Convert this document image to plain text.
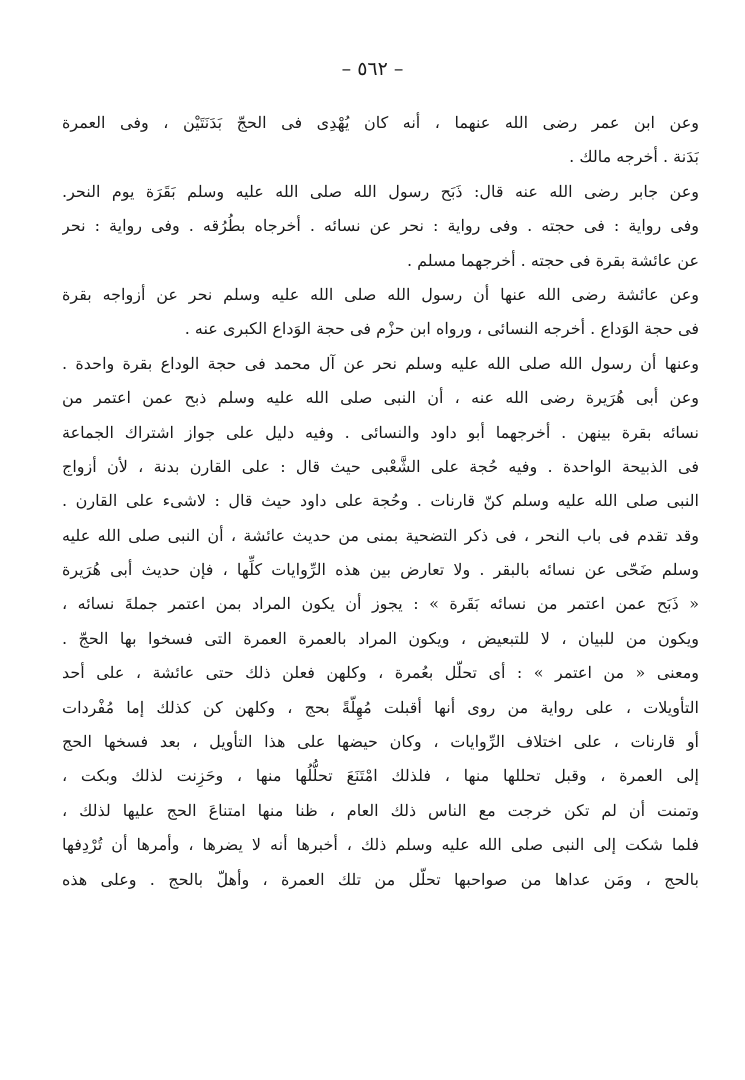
– ٥٦٢ –
وعن ابن عمر رضى الله عنهما ، أنه كان يُهْدِى فى الحجّ بَدَنَتَيْن ، وفى العمرة
بَدَنة . أخرجه مالك .
وعن جابر رضى الله عنه قال: ذَبَح رسول الله صلى الله عليه وسلم بَقَرَة يوم النحر.
وفى رواية : فى حجته . وفى رواية : نحر عن نسائه . أخرجاه بطُرُقه . وفى رواية : نحر
عن عائشة بقرة فى حجته . أخرجهما مسلم .
وعن عائشة رضى الله عنها أن رسول الله صلى الله عليه وسلم نحر عن أزواجه بقرة
فى حجة الوَداع . أخرجه النسائى ، ورواه ابن حزْم فى حجة الوَداع الكبرى عنه .
وعنها أن رسول الله صلى الله عليه وسلم نحر عن آل محمد فى حجة الوداع بقرة واحدة .
وعن أبى هُرَيرة رضى الله عنه ، أن النبى صلى الله عليه وسلم ذبح عمن اعتمر من
نسائه بقرة بينهن . أخرجهما أبو داود والنسائى . وفيه دليل على جواز اشتراك الجماعة
فى الذبيحة الواحدة . وفيه حُجة على الشَّعْبى حيث قال : على القارن بدنة ، لأن أزواج
النبى صلى الله عليه وسلم كنّ قارنات . وحُجة على داود حيث قال : لاشىء على القارن .
وقد تقدم فى باب النحر ، فى ذكر التضحية بمنى من حديث عائشة ، أن النبى صلى الله عليه
وسلم ضَحّى عن نسائه بالبقر . ولا تعارض بين هذه الرِّوايات كلِّها ، فإن حديث أبى هُرَيرة
« ذَبَح عمن اعتمر من نسائه بَقَرة » : يجوز أن يكون المراد بمن اعتمر جملةَ نسائه ،
ويكون من للبيان ، لا للتبعيض ، ويكون المراد بالعمرة العمرة التى فسخوا بها الحجّ .
ومعنى « من اعتمر » : أى تحلّل بعُمرة ، وكلهن فعلن ذلك حتى عائشة ، على أحد
التأويلات ، على رواية من روى أنها أقبلت مُهِلّةً بحج ، وكلهن كن كذلك إما مُفْردات
أو قارنات ، على اختلاف الرِّوايات ، وكان حيضها على هذا التأويل ، بعد فسخها الحج
إلى العمرة ، وقبل تحللها منها ، فلذلك امْتَنَعَ تحلُّلُها منها ، وحَزِنت لذلك وبكت ،
وتمنت أن لم تكن خرجت مع الناس ذلك العام ، ظنا منها امتناعَ الحج عليها لذلك ،
فلما شكت إلى النبى صلى الله عليه وسلم ذلك ، أخبرها أنه لا يضرها ، وأمرها أن تُرْدِفها
بالحج ، ومَن عداها من صواحبها تحلّل من تلك العمرة ، وأهلّ بالحج . وعلى هذه
